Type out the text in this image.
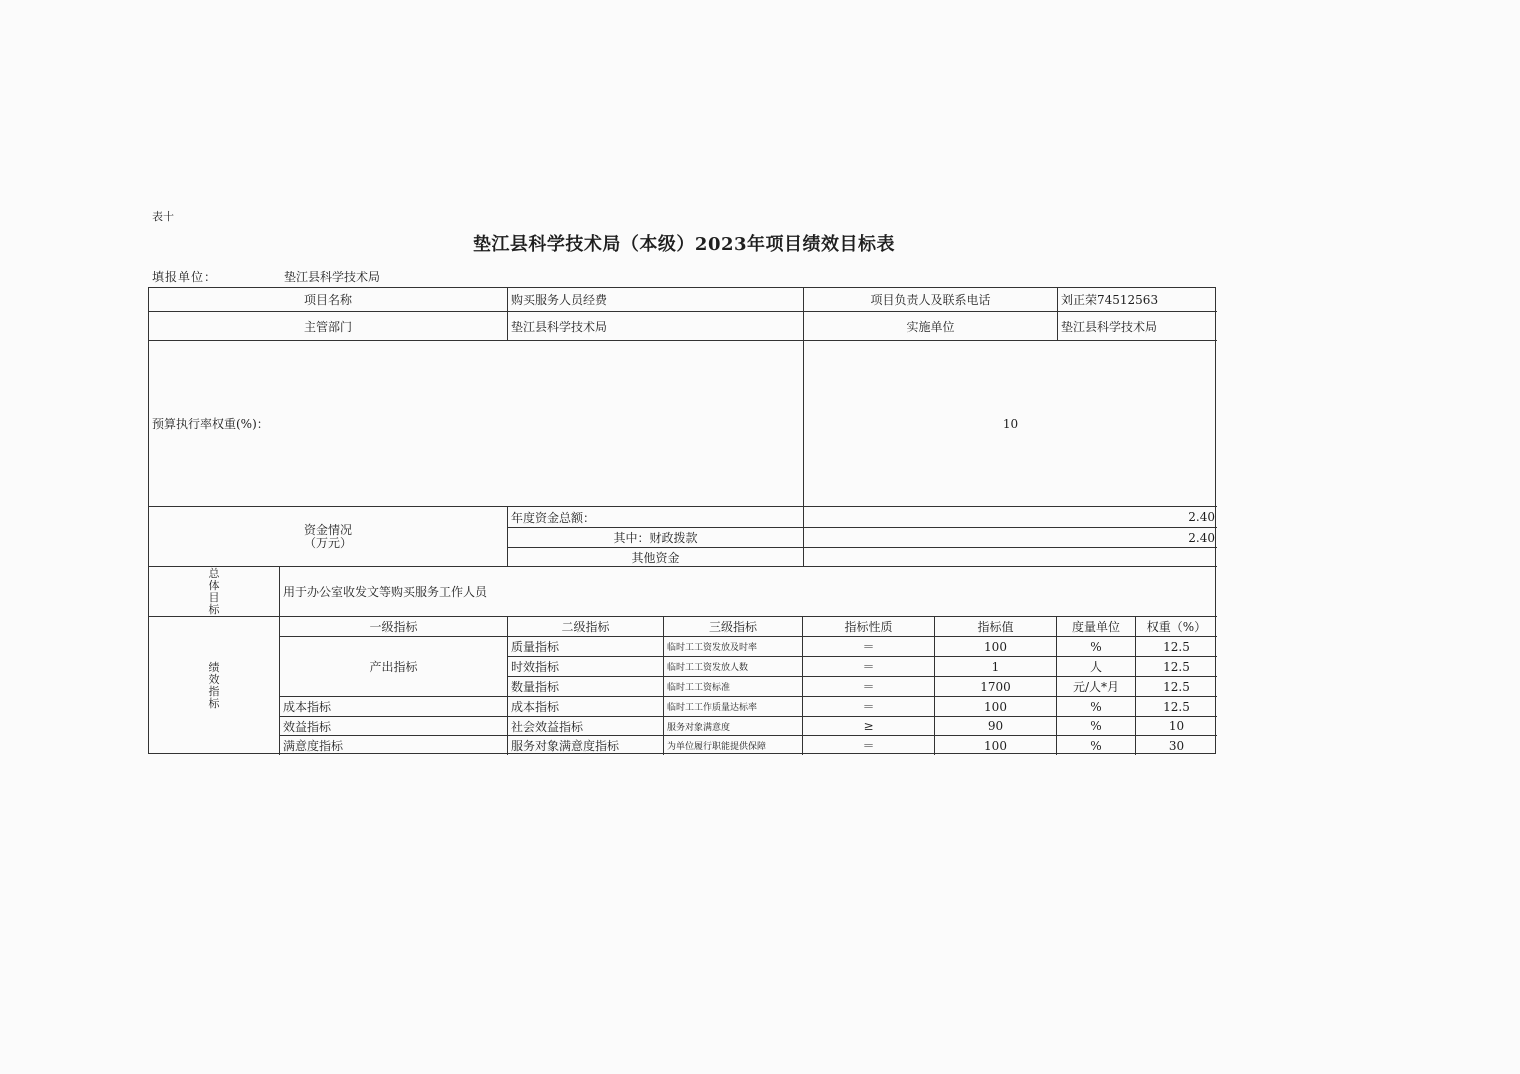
表十
垫江县科学技术局（本级）2023年项目绩效目标表
填报单位：	垫江县科学技术局
项目名称	购买服务人员经费	项目负责人及联系电话	刘正荣74512563
主管部门	垫江县科学技术局	实施单位	垫江县科学技术局
预算执行率权重(%)：	10
资金情况
（万元）
年度资金总额：	2.40
其中：财政拨款	2.40
其他资金
总
体
目
标
用于办公室收发文等购买服务工作人员
绩
效
指
标
一级指标	二级指标	三级指标	指标性质	指标值	度量单位	权重（%）
产出指标
质量指标	临时工工资发放及时率	＝	100	%	12.5
时效指标	临时工工资发放人数	＝	1	人	12.5
数量指标	临时工工资标准	＝	1700	元/人*月	12.5
成本指标	成本指标	临时工工作质量达标率	＝	100	%	12.5
效益指标	社会效益指标	服务对象满意度	≥	90	%	10
满意度指标	服务对象满意度指标	为单位履行职能提供保障	＝	100	%	30
